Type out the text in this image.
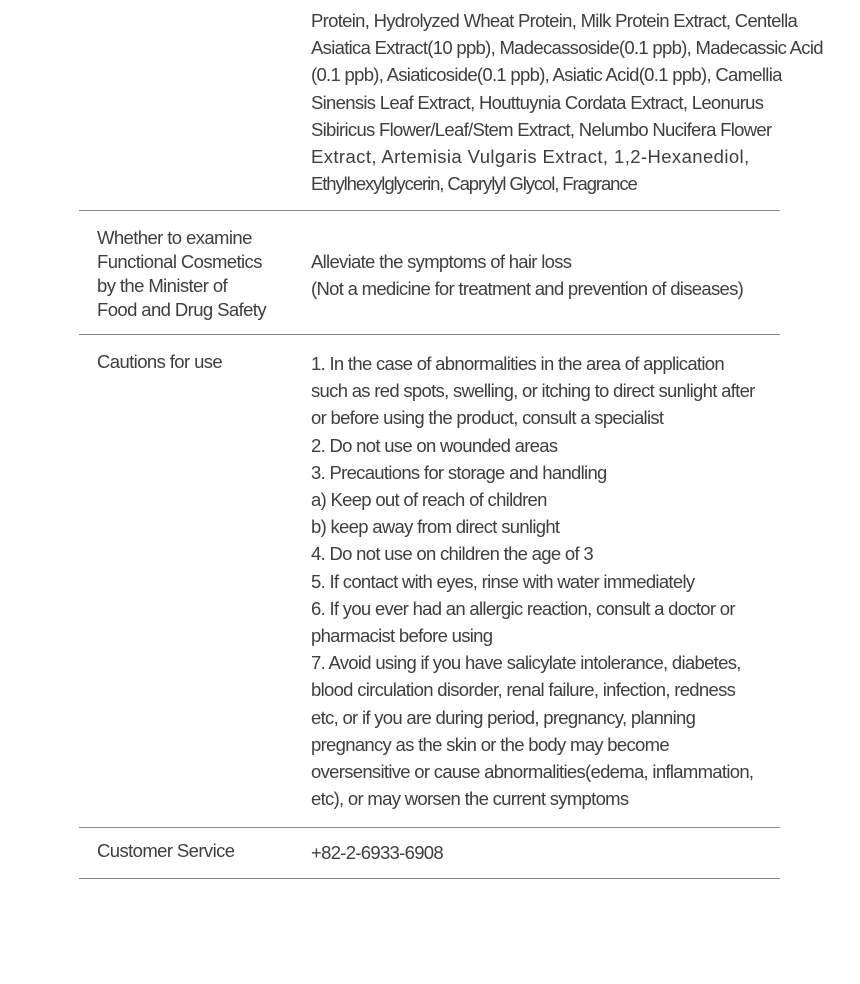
Protein, Hydrolyzed Wheat Protein, Milk Protein Extract, Centella
Asiatica Extract(10 ppb), Madecassoside(0.1 ppb), Madecassic Acid
(0.1 ppb), Asiaticoside(0.1 ppb), Asiatic Acid(0.1 ppb), Camellia
Sinensis Leaf Extract, Houttuynia Cordata Extract, Leonurus
Sibiricus Flower/Leaf/Stem Extract, Nelumbo Nucifera Flower
Extract, Artemisia Vulgaris Extract, 1,2-Hexanediol,
Ethylhexylglycerin, Caprylyl Glycol, Fragrance
Whether to examine
Functional Cosmetics
by the Minister of
Food and Drug Safety
Alleviate the symptoms of hair loss
(Not a medicine for treatment and prevention of diseases)
Cautions for use	1. In the case of abnormalities in the area of application
such as red spots, swelling, or itching to direct sunlight after
or before using the product, consult a specialist
2. Do not use on wounded areas
3. Precautions for storage and handling
a) Keep out of reach of children
b) keep away from direct sunlight
4. Do not use on children the age of 3
5. If contact with eyes, rinse with water immediately
6. If you ever had an allergic reaction, consult a doctor or
pharmacist before using
7. Avoid using if you have salicylate intolerance, diabetes,
blood circulation disorder, renal failure, infection, redness
etc, or if you are during period, pregnancy, planning
pregnancy as the skin or the body may become
oversensitive or cause abnormalities(edema, inflammation,
etc), or may worsen the current symptoms
Customer Service	+82-2-6933-6908
